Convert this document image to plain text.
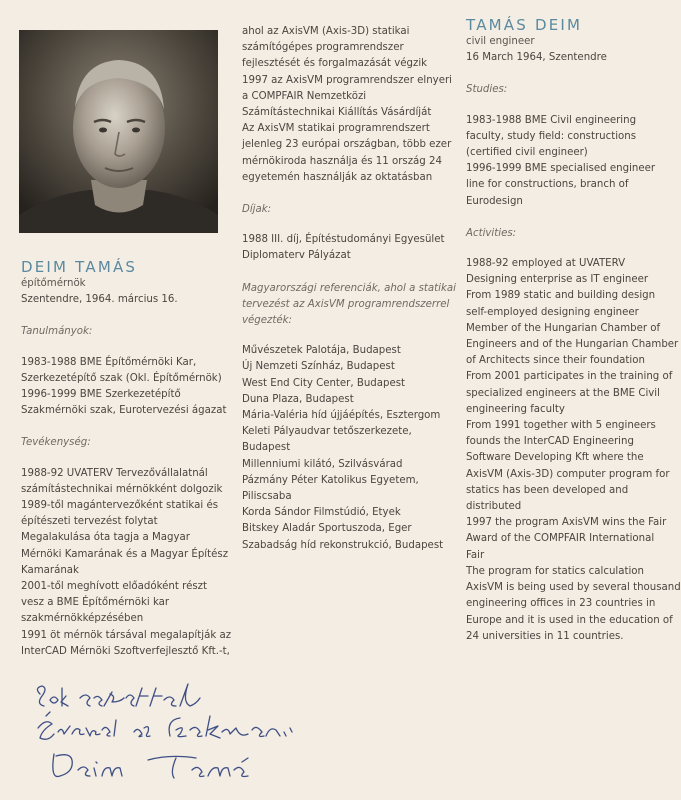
DEIM TAMÁS

építőmérnök

Szentendre, 1964. március 16.

Tanulmányok:

1983-1988 BME Építőmérnöki Kar,

Szerkezetépítő szak (Okl. Építőmérnök)

1996-1999 BME Szerkezetépítő

Szakmérnöki szak, Eurotervezési ágazat

Tevékenység:

1988-92 UVATERV Tervezővállalatnál

számítástechnikai mérnökként dolgozik

1989-től magántervezőként statikai és

építészeti tervezést folytat

Megalakulása óta tagja a Magyar

Mérnöki Kamarának és a Magyar Építész

Kamarának

2001-től meghívott előadóként részt

vesz a BME Építőmérnöki kar

szakmérnökképzésében

1991 öt mérnök társával megalapítják az

InterCAD Mérnöki Szoftverfejlesztő Kft.-t,

ahol az AxisVM (Axis-3D) statikai

számítógépes programrendszer

fejlesztését és forgalmazását végzik

1997 az AxisVM programrendszer elnyeri

a COMPFAIR Nemzetközi

Számítástechnikai Kiállítás Vásárdíját

Az AxisVM statikai programrendszert

jelenleg 23 európai országban, több ezer

mérnökiroda használja és 11 ország 24

egyetemén használják az oktatásban

Díjak:

1988 III. díj, Építéstudományi Egyesület

Diplomaterv Pályázat

Magyarországi referenciák, ahol a statikai

tervezést az AxisVM programrendszerrel

végezték:

Művészetek Palotája, Budapest

Új Nemzeti Színház, Budapest

West End City Center, Budapest

Duna Plaza, Budapest

Mária-Valéria híd újjáépítés, Esztergom

Keleti Pályaudvar tetőszerkezete,

Budapest

Millenniumi kilátó, Szilvásvárad

Pázmány Péter Katolikus Egyetem,

Piliscsaba

Korda Sándor Filmstúdió, Etyek

Bitskey Aladár Sportuszoda, Eger

Szabadság híd rekonstrukció, Budapest

TAMÁS DEIM

civil engineer

16 March 1964, Szentendre

Studies:

1983-1988 BME Civil engineering

faculty, study field: constructions

(certified civil engineer)

1996-1999 BME specialised engineer

line for constructions, branch of

Eurodesign

Activities:

1988-92 employed at UVATERV

Designing enterprise as IT engineer

From 1989 static and building design

self-employed designing engineer

Member of the Hungarian Chamber of

Engineers and of the Hungarian Chamber

of Architects since their foundation

From 2001 participates in the training of

specialized engineers at the BME Civil

engineering faculty

From 1991 together with 5 engineers

founds the InterCAD Engineering

Software Developing Kft where the

AxisVM (Axis-3D) computer program for

statics has been developed and

distributed

1997 the program AxisVM wins the Fair

Award of the COMPFAIR International

Fair

The program for statics calculation

AxisVM is being used by several thousand

engineering offices in 23 countries in

Europe and it is used in the education of

24 universities in 11 countries.
